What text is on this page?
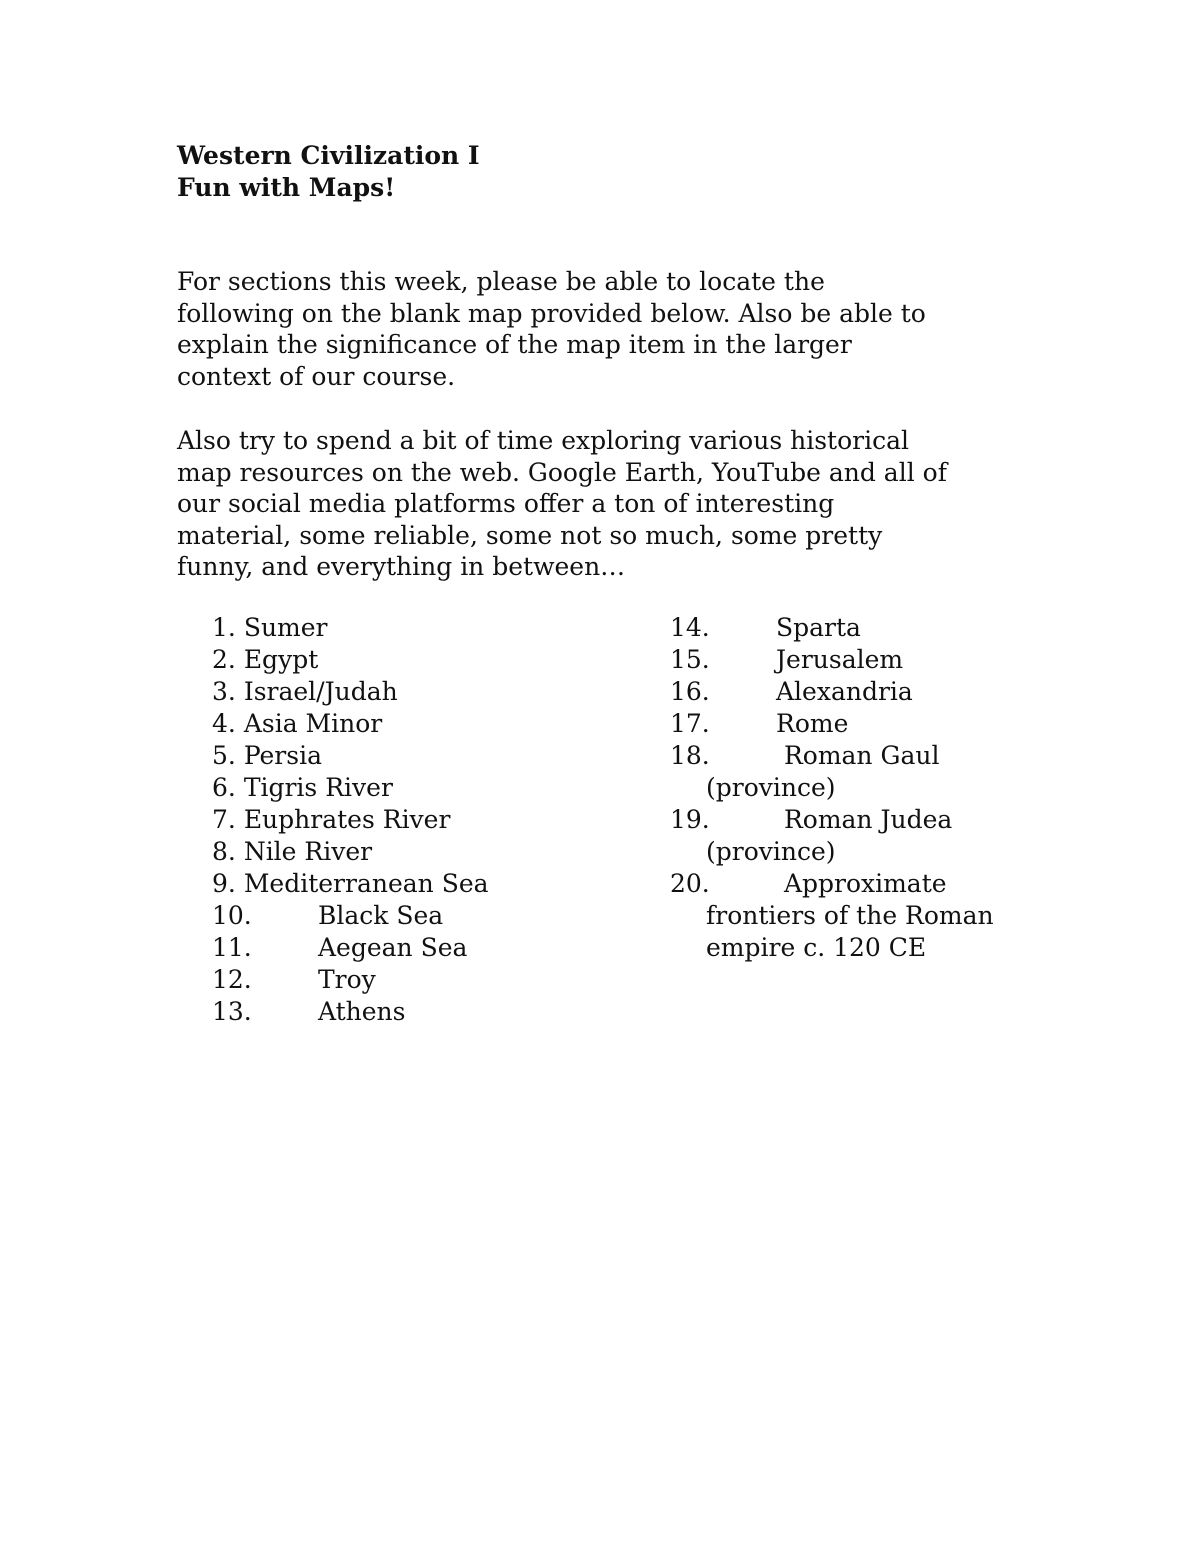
Western Civilization I
Fun with Maps!

For sections this week, please be able to locate the
following on the blank map provided below. Also be able to
explain the significance of the map item in the larger
context of our course.

Also try to spend a bit of time exploring various historical
map resources on the web. Google Earth, YouTube and all of
our social media platforms offer a ton of interesting
material, some reliable, some not so much, some pretty
funny, and everything in between…

1. Sumer
2. Egypt
3. Israel/Judah
4. Asia Minor
5. Persia
6. Tigris River
7. Euphrates River
8. Nile River
9. Mediterranean Sea
10.	Black Sea
11.	Aegean Sea
12.	Troy
13.	Athens
14.	Sparta
15.	Jerusalem
16.	Alexandria
17.	Rome
18.	Roman Gaul
(province)
19.	Roman Judea
(province)
20.	Approximate
frontiers of the Roman
empire c. 120 CE
